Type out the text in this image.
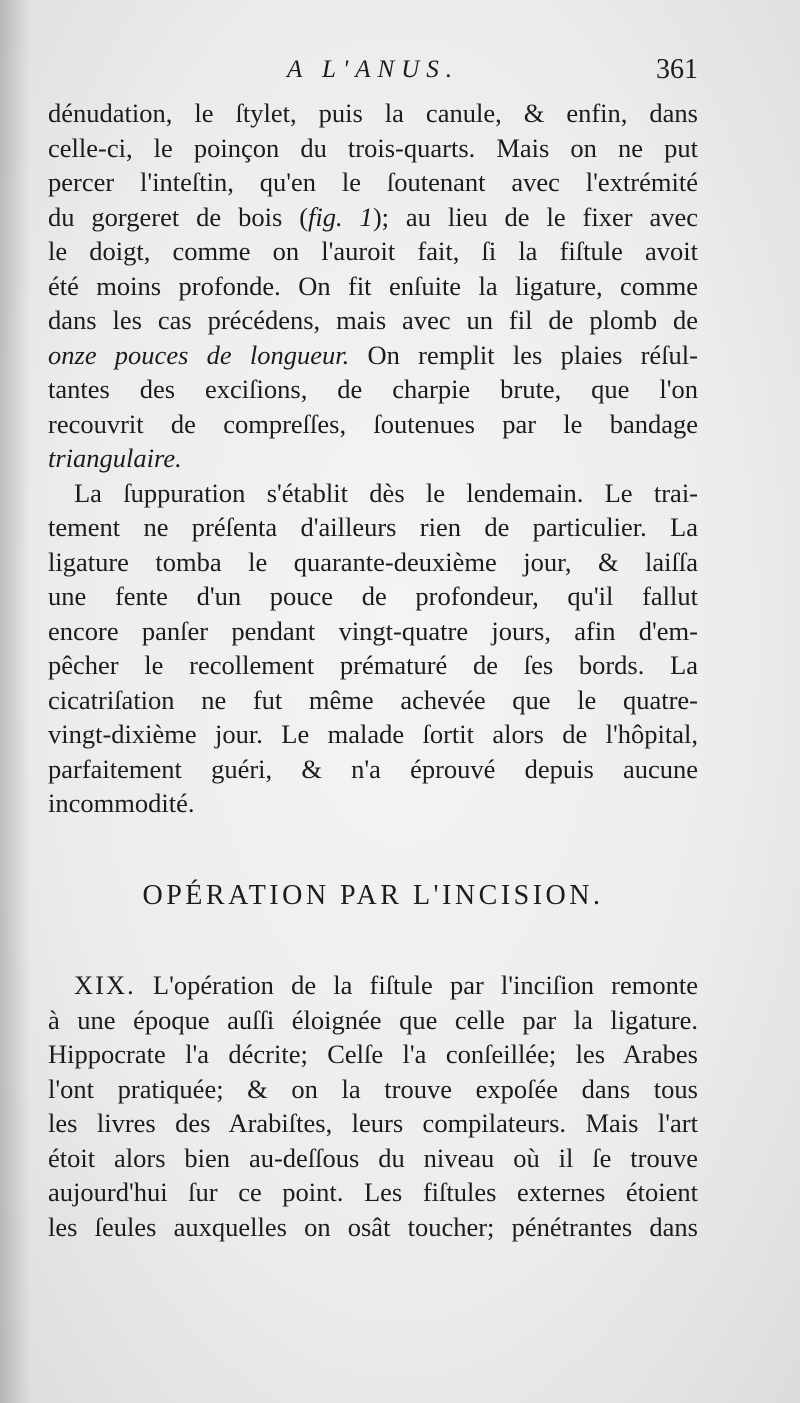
A L'ANUS.	361
dénudation, le ſtylet, puis la canule, & enfin, dans
celle-ci, le poinçon du trois-quarts. Mais on ne put
percer l'inteſtin, qu'en le ſoutenant avec l'extrémité
du gorgeret de bois (fig. 1); au lieu de le fixer avec
le doigt, comme on l'auroit fait, ſi la fiſtule avoit
été moins profonde. On fit enſuite la ligature, comme
dans les cas précédens, mais avec un fil de plomb de
onze pouces de longueur. On remplit les plaies réſul-
tantes des exciſions, de charpie brute, que l'on
recouvrit de compreſſes, ſoutenues par le bandage
triangulaire.
La ſuppuration s'établit dès le lendemain. Le trai-
tement ne préſenta d'ailleurs rien de particulier. La
ligature tomba le quarante-deuxième jour, & laiſſa
une fente d'un pouce de profondeur, qu'il fallut
encore panſer pendant vingt-quatre jours, afin d'em-
pêcher le recollement prématuré de ſes bords. La
cicatriſation ne fut même achevée que le quatre-
vingt-dixième jour. Le malade ſortit alors de l'hôpital,
parfaitement guéri, & n'a éprouvé depuis aucune
incommodité.
OPÉRATION PAR L'INCISION.
XIX. L'opération de la fiſtule par l'inciſion remonte
à une époque auſſi éloignée que celle par la ligature.
Hippocrate l'a décrite; Celſe l'a conſeillée; les Arabes
l'ont pratiquée; & on la trouve expoſée dans tous
les livres des Arabiſtes, leurs compilateurs. Mais l'art
étoit alors bien au-deſſous du niveau où il ſe trouve
aujourd'hui ſur ce point. Les fiſtules externes étoient
les ſeules auxquelles on osât toucher; pénétrantes dans
